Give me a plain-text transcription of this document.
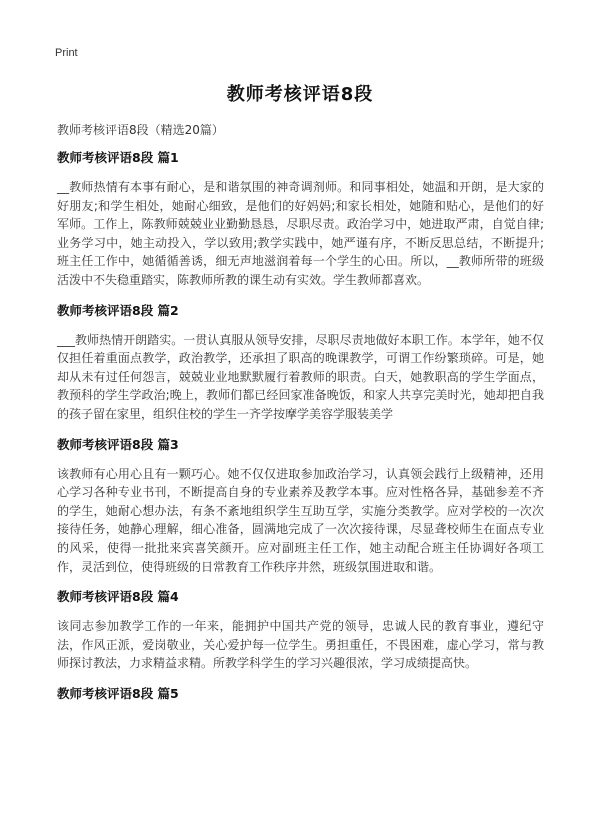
Print
教师考核评语8段
教师考核评语8段（精选20篇）
教师考核评语8段 篇1
__教师热情有本事有耐心，是和谐氛围的神奇调剂师。和同事相处，她温和开朗，是大家的好朋友;和学生相处，她耐心细致，是他们的好妈妈;和家长相处，她随和贴心，是他们的好军师。工作上，陈教师兢兢业业勤勤恳恳，尽职尽责。政治学习中，她进取严肃，自觉自律;业务学习中，她主动投入，学以致用;教学实践中，她严谨有序，不断反思总结，不断提升;班主任工作中，她循循善诱，细无声地滋润着每一个学生的心田。所以，__教师所带的班级活泼中不失稳重踏实，陈教师所教的课生动有实效。学生教师都喜欢。
教师考核评语8段 篇2
___教师热情开朗踏实。一贯认真服从领导安排，尽职尽责地做好本职工作。本学年，她不仅仅担任着重面点教学，政治教学，还承担了职高的晚课教学，可谓工作纷繁琐碎。可是，她却从未有过任何怨言，兢兢业业地默默履行着教师的职责。白天，她教职高的学生学面点，教预科的学生学政治;晚上，教师们都已经回家准备晚饭，和家人共享完美时光，她却把自我的孩子留在家里，组织住校的学生一齐学按摩学美容学服装美学
教师考核评语8段 篇3
该教师有心用心且有一颗巧心。她不仅仅进取参加政治学习，认真领会践行上级精神，还用心学习各种专业书刊，不断提高自身的专业素养及教学本事。应对性格各异，基础参差不齐的学生，她耐心想办法，有条不紊地组织学生互助互学，实施分类教学。应对学校的一次次接待任务，她静心理解，细心准备，圆满地完成了一次次接待课，尽显聋校师生在面点专业的风采，使得一批批来宾喜笑颜开。应对副班主任工作，她主动配合班主任协调好各项工作，灵活到位，使得班级的日常教育工作秩序井然，班级氛围进取和谐。
教师考核评语8段 篇4
该同志参加教学工作的一年来，能拥护中国共产党的领导，忠诚人民的教育事业，遵纪守法，作风正派，爱岗敬业，关心爱护每一位学生。勇担重任，不畏困难，虚心学习，常与教师探讨教法，力求精益求精。所教学科学生的学习兴趣很浓，学习成绩提高快。
教师考核评语8段 篇5
